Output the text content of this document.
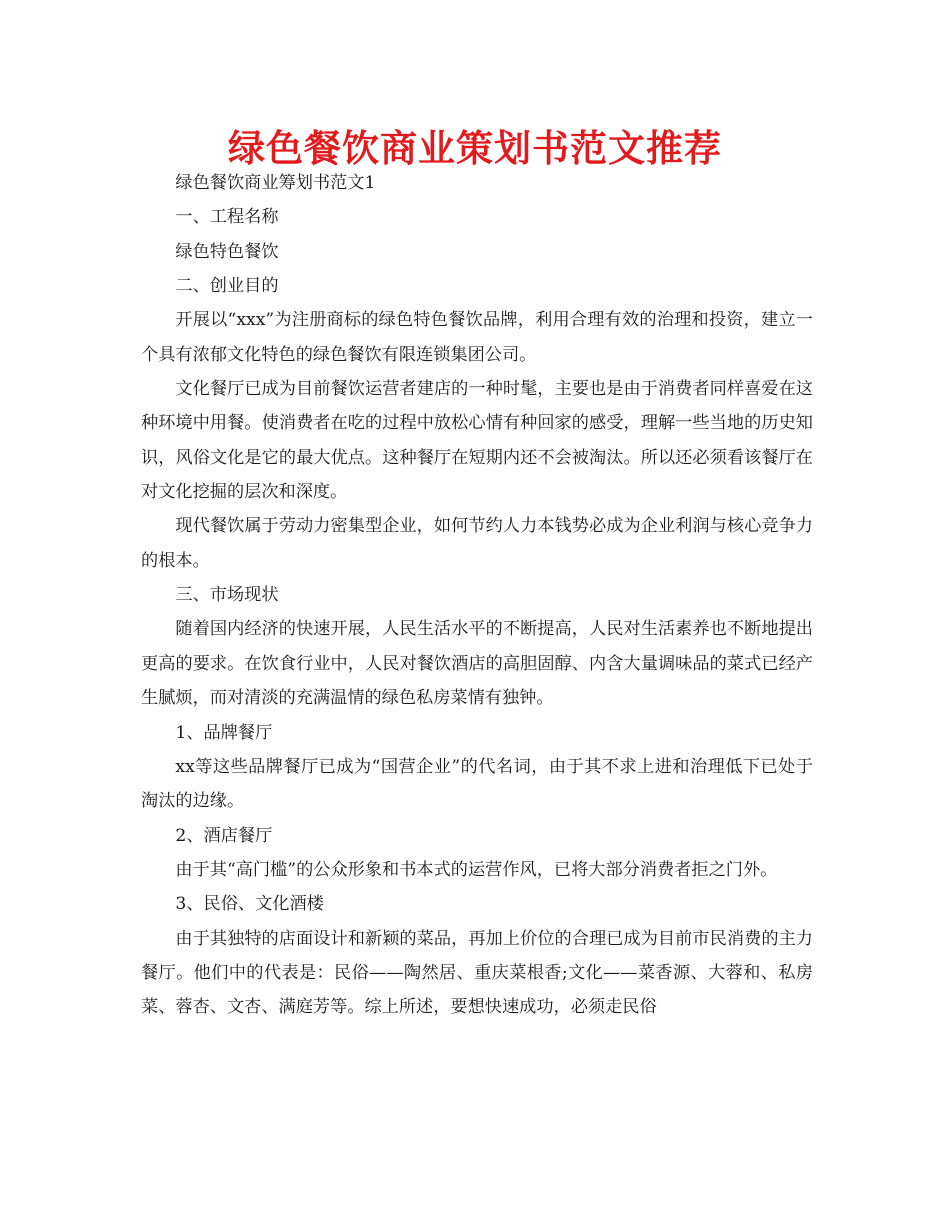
绿色餐饮商业策划书范文推荐

绿色餐饮商业筹划书范文1

一、工程名称

绿色特色餐饮

二、创业目的

开展以“xxx”为注册商标的绿色特色餐饮品牌，利用合理有效的治理和投资，建立一个具有浓郁文化特色的绿色餐饮有限连锁集团公司。

文化餐厅已成为目前餐饮运营者建店的一种时髦，主要也是由于消费者同样喜爱在这种环境中用餐。使消费者在吃的过程中放松心情有种回家的感受，理解一些当地的历史知识，风俗文化是它的最大优点。这种餐厅在短期内还不会被淘汰。所以还必须看该餐厅在对文化挖掘的层次和深度。

现代餐饮属于劳动力密集型企业，如何节约人力本钱势必成为企业利润与核心竞争力的根本。

三、市场现状

随着国内经济的快速开展，人民生活水平的不断提高，人民对生活素养也不断地提出更高的要求。在饮食行业中，人民对餐饮酒店的高胆固醇、内含大量调味品的菜式已经产生腻烦，而对清淡的充满温情的绿色私房菜情有独钟。

1、品牌餐厅

xx等这些品牌餐厅已成为“国营企业”的代名词，由于其不求上进和治理低下已处于淘汰的边缘。

2、酒店餐厅

由于其“高门槛”的公众形象和书本式的运营作风，已将大部分消费者拒之门外。

3、民俗、文化酒楼

由于其独特的店面设计和新颖的菜品，再加上价位的合理已成为目前市民消费的主力餐厅。他们中的代表是：民俗——陶然居、重庆菜根香;文化——菜香源、大蓉和、私房菜、蓉杏、文杏、满庭芳等。综上所述，要想快速成功，必须走民俗
